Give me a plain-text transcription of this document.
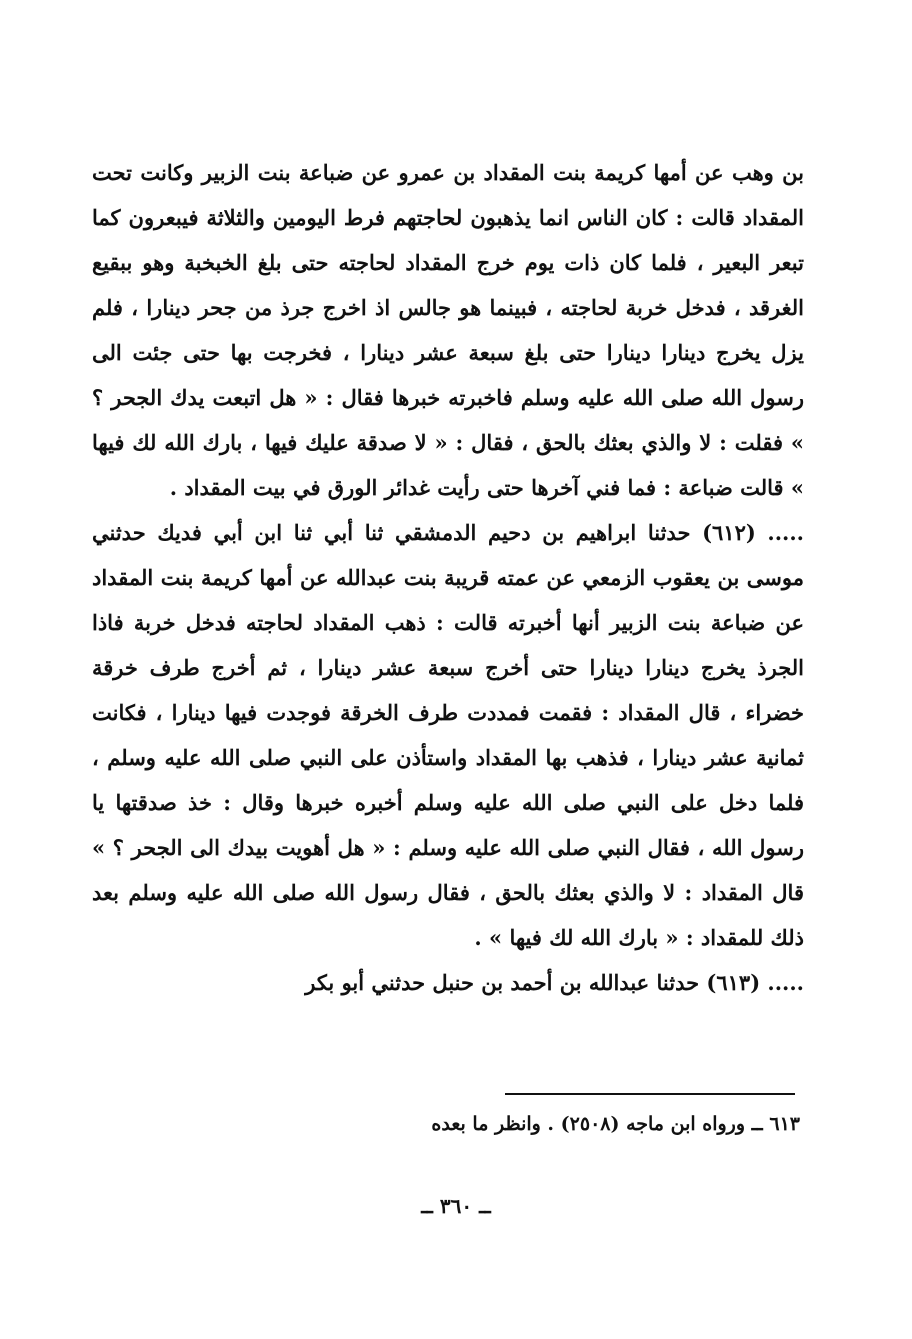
بن وهب عن أمها كريمة بنت المقداد بن عمرو عن ضباعة بنت الزبير وكانت تحت المقداد قالت : كان الناس انما يذهبون لحاجتهم فرط اليومين والثلاثة فيبعرون كما تبعر البعير ، فلما كان ذات يوم خرج المقداد لحاجته حتى بلغ الخبخبة وهو ببقيع الغرقد ، فدخل خربة لحاجته ، فبينما هو جالس اذ اخرج جرذ من جحر دينارا ، فلم يزل يخرج دينارا دينارا حتى بلغ سبعة عشر دينارا ، فخرجت بها حتى جئت الى رسول الله صلى الله عليه وسلم فاخبرته خبرها فقال : « هل اتبعت يدك الجحر ؟ » فقلت : لا والذي بعثك بالحق ، فقال : « لا صدقة عليك فيها ، بارك الله لك فيها » قالت ضباعة : فما فني آخرها حتى رأيت غدائر الورق في بيت المقداد .

..... (٦١٢) حدثنا ابراهيم بن دحيم الدمشقي ثنا أبي ثنا ابن أبي فديك حدثني موسى بن يعقوب الزمعي عن عمته قريبة بنت عبدالله عن أمها كريمة بنت المقداد عن ضباعة بنت الزبير أنها أخبرته قالت : ذهب المقداد لحاجته فدخل خربة فاذا الجرذ يخرج دينارا دينارا حتى أخرج سبعة عشر دينارا ، ثم أخرج طرف خرقة خضراء ، قال المقداد : فقمت فمددت طرف الخرقة فوجدت فيها دينارا ، فكانت ثمانية عشر دينارا ، فذهب بها المقداد واستأذن على النبي صلى الله عليه وسلم ، فلما دخل على النبي صلى الله عليه وسلم أخبره خبرها وقال : خذ صدقتها يا رسول الله ، فقال النبي صلى الله عليه وسلم : « هل أهويت بيدك الى الجحر ؟ » قال المقداد : لا والذي بعثك بالحق ، فقال رسول الله صلى الله عليه وسلم بعد ذلك للمقداد : « بارك الله لك فيها » .

..... (٦١٣) حدثنا عبدالله بن أحمد بن حنبل حدثني أبو بكر

٦١٣ ــ ورواه ابن ماجه (٢٥٠٨) . وانظر ما بعده
ــ ٣٦٠ ــ
